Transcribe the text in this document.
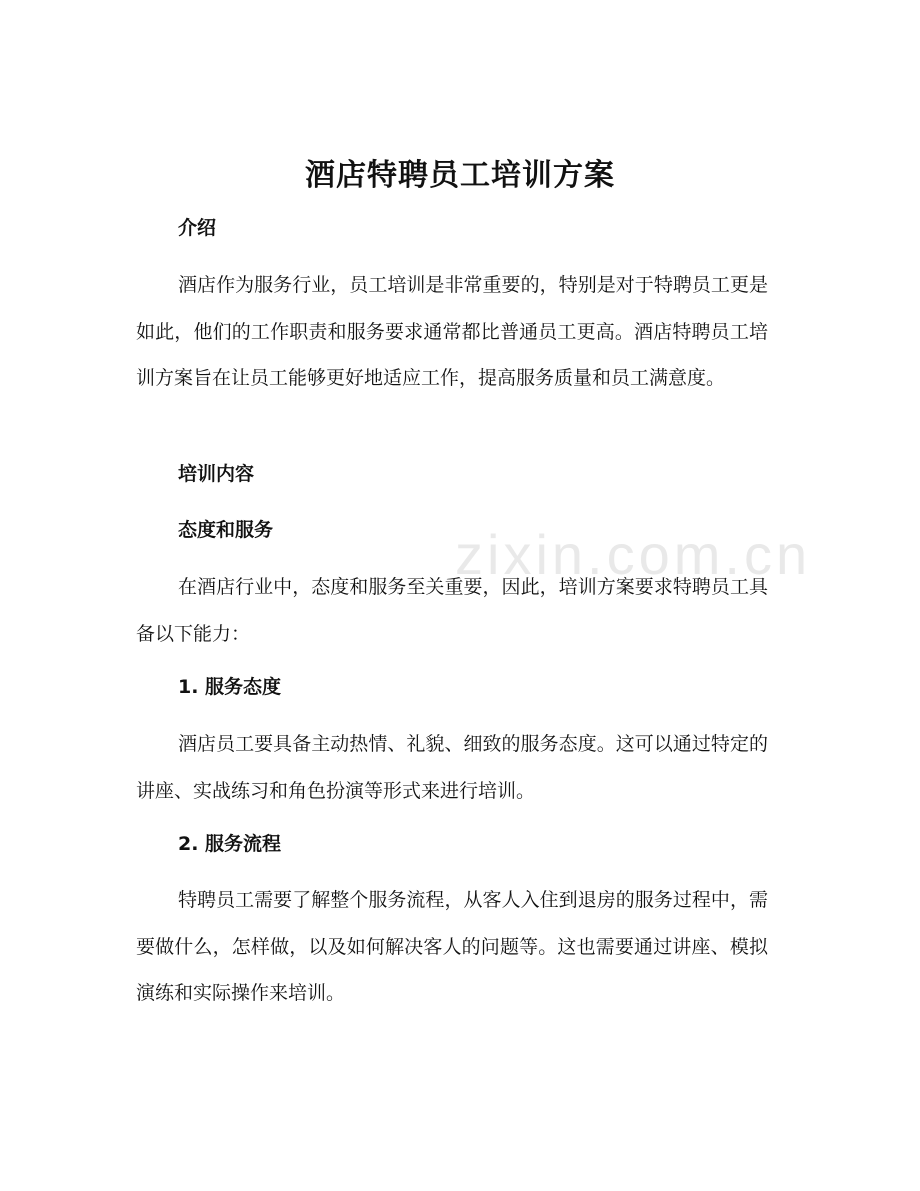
zixin.com.cn
酒店特聘员工培训方案
介绍
酒店作为服务行业，员工培训是非常重要的，特别是对于特聘员工更是如此，他们的工作职责和服务要求通常都比普通员工更高。酒店特聘员工培训方案旨在让员工能够更好地适应工作，提高服务质量和员工满意度。
培训内容
态度和服务
在酒店行业中，态度和服务至关重要，因此，培训方案要求特聘员工具备以下能力：
1. 服务态度
酒店员工要具备主动热情、礼貌、细致的服务态度。这可以通过特定的讲座、实战练习和角色扮演等形式来进行培训。
2. 服务流程
特聘员工需要了解整个服务流程，从客人入住到退房的服务过程中，需要做什么，怎样做，以及如何解决客人的问题等。这也需要通过讲座、模拟演练和实际操作来培训。
